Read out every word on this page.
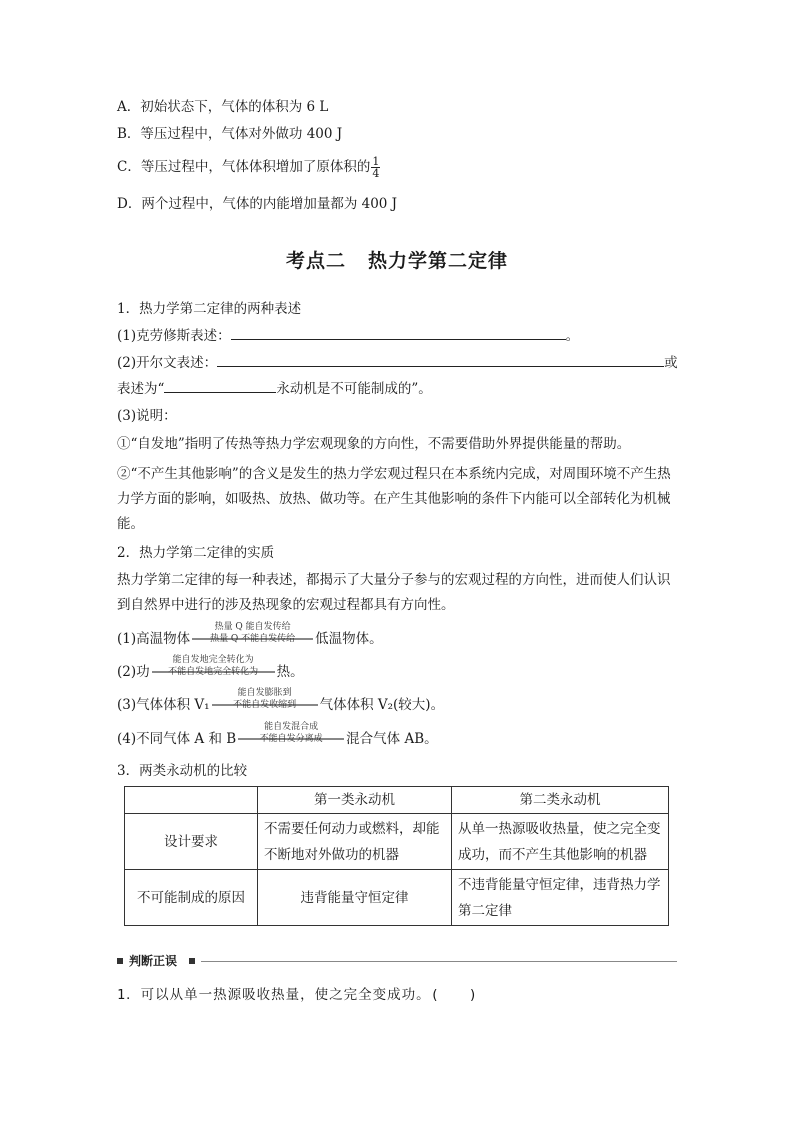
A．初始状态下，气体的体积为 6 L
B．等压过程中，气体对外做功 400 J
C．等压过程中，气体体积增加了原体积的 $\frac{1}{4}$
D．两个过程中，气体的内能增加量都为 400 J
考点二 热力学第二定律
1．热力学第二定律的两种表述
(1)克劳修斯表述：	。
(2)开尔文表述：	或
表述为“	永动机是不可能制成的”。
(3)说明：
①“自发地”指明了传热等热力学宏观现象的方向性，不需要借助外界提供能量的帮助。
②“不产生其他影响”的含义是发生的热力学宏观过程只在本系统内完成，对周围环境不产生热力学方面的影响，如吸热、放热、做功等。在产生其他影响的条件下内能可以全部转化为机械能。
2．热力学第二定律的实质
热力学第二定律的每一种表述，都揭示了大量分子参与的宏观过程的方向性，进而使人们认识到自然界中进行的涉及热现象的宏观过程都具有方向性。
(1)高温物体
热量 Q 能自发传给
热量 Q 不能自发传给	低温物体。
(2)功
能自发地完全转化为
不能自发地完全转化为	热。
(3)气体体积 V₁
能自发膨胀到
不能自发收缩到	气体体积 V₂(较大)。
(4)不同气体 A 和 B
能自发混合成
不能自发分离成	混合气体 AB。
3．两类永动机的比较
	第一类永动机	第二类永动机
设计要求	不需要任何动力或燃料，却能不断地对外做功的机器	从单一热源吸收热量，使之完全变成功，而不产生其他影响的机器
不可能制成的原因	违背能量守恒定律	不违背能量守恒定律，违背热力学第二定律
判断正误
1．可以从单一热源吸收热量，使之完全变成功。(　　)
